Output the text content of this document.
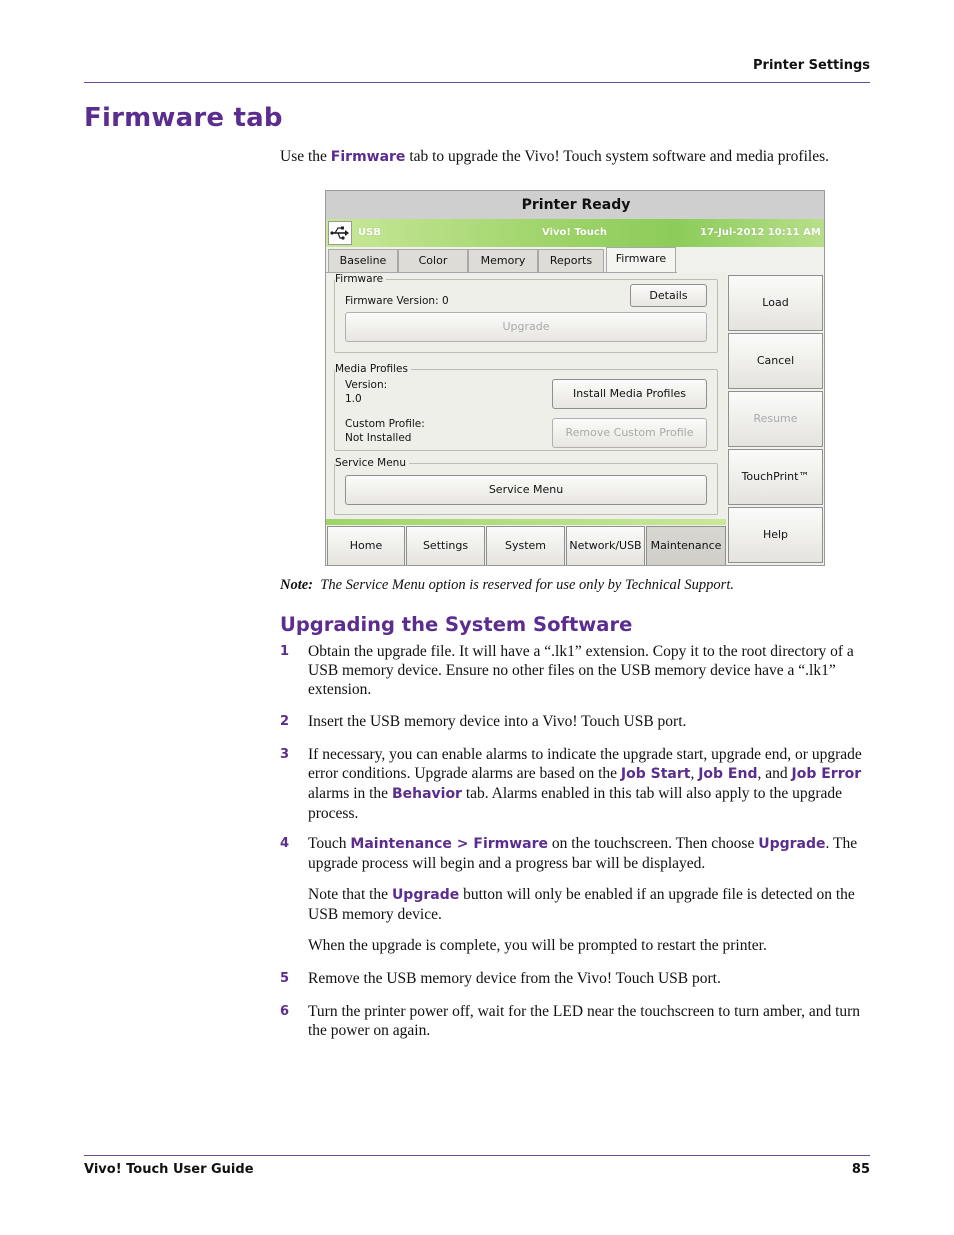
Printer Settings
Firmware tab

Use the Firmware tab to upgrade the Vivo! Touch system software and media profiles.

Printer Ready
USB	Vivo! Touch	17-Jul-2012 10:11 AM
Baseline	Color	Memory	Reports	Firmware
Firmware
Firmware Version: 0	Details
Upgrade
Media Profiles
Version:
1.0
Custom Profile:
Not Installed
Install Media Profiles
Remove Custom Profile
Service Menu
Service Menu
Load
Cancel
Resume
TouchPrint™
Help
Home	Settings	System	Network/USB Maintenance

Note: The Service Menu option is reserved for use only by Technical Support.

Upgrading the System Software
1 Obtain the upgrade file. It will have a “.lk1” extension. Copy it to the root directory of a USB memory device. Ensure no other files on the USB memory device have a “.lk1” extension.
2 Insert the USB memory device into a Vivo! Touch USB port.
3 If necessary, you can enable alarms to indicate the upgrade start, upgrade end, or upgrade error conditions. Upgrade alarms are based on the Job Start, Job End, and Job Error alarms in the Behavior tab. Alarms enabled in this tab will also apply to the upgrade process.
4 Touch Maintenance > Firmware on the touchscreen. Then choose Upgrade. The upgrade process will begin and a progress bar will be displayed.

Note that the Upgrade button will only be enabled if an upgrade file is detected on the USB memory device.

When the upgrade is complete, you will be prompted to restart the printer.

5 Remove the USB memory device from the Vivo! Touch USB port.
6 Turn the printer power off, wait for the LED near the touchscreen to turn amber, and turn the power on again.
Vivo! Touch User Guide	85
